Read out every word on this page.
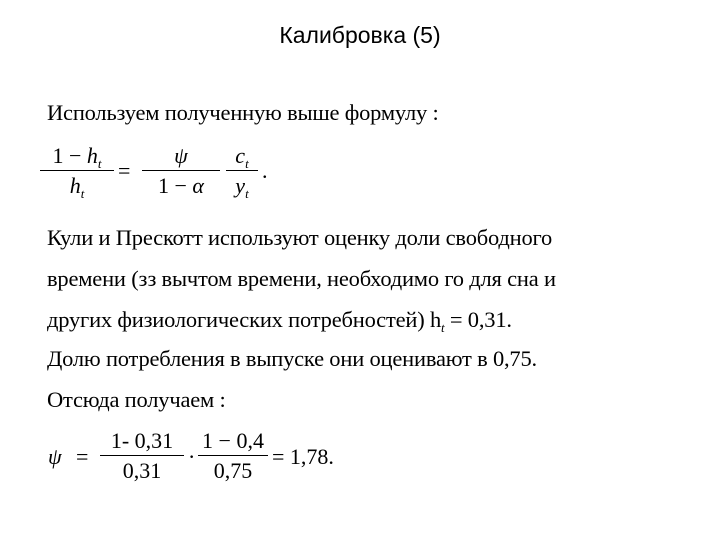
Калибровка (5)
Используем полученную выше формулу :
$1 - h_t$
$h_t$
=
ψ
1 − α
$c_t$
$y_t$
.
Кули и Прескотт используют оценку доли свободного
времени (зз вычтом времени, необходимо го для сна и
других физиологических потребностей) $h_t = 0,31$.
Долю потребления в выпуске они оценивают в 0,75.
Отсюда получаем :
ψ =
1- 0,31
0,31
·
1 − 0,4
0,75
= 1,78.
